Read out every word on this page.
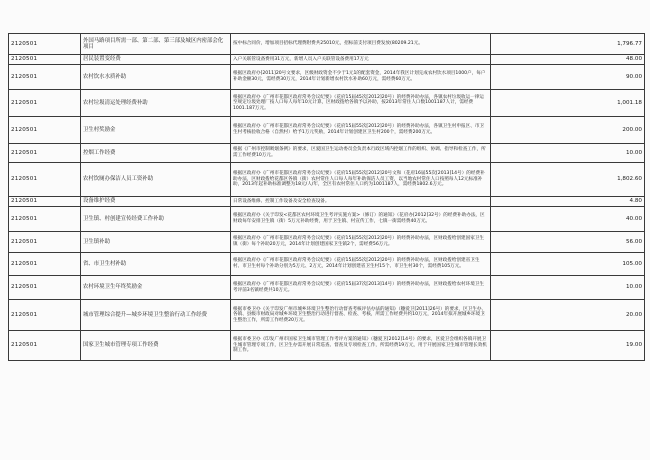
2120501	外国马路项目所需一部、第二部、第三部及城区内密部会化项目	按中标合同价，增加项目招标代理费附费共25010元，招标前支付项目费发放(80209.21元。	1,796.77
2120501	居民装置变经费	入户关联管设备费用31万元，新增人员入户关联管设备费用17万元	48.00
2120501	农村饮水水质补助	根据区政府办[2011]20号文要求，区级财政资金不少于1元1的配套资金，2014年我区计划完成农村饮水项目1000户，每户补助金额30元，需经费30万元，2014年计划新增农村饮水补助60万元，需经费60万元。	90.00
2120501	农村垃圾清运处理经费补助	根据区政府办《广州市花都区政府常务会议纪要》（花府15届45次[2012]20号）的经费补助办法，各镇农村垃圾收运一律运至规定垃圾处理厂按人口每人每年10元计算，区财政拨给各镇予以补助，按2013年常住人口数1001187人计，需经费1001.187万元。	1,001.18
2120501	卫生村奖励金	根据区政府办《广州市花都区政府常务会议纪要》（花府15届55次[2012]20号）的经费补助办法，各镇卫生村申报区、市卫生村考核验收合格（自然村）给予1万元奖励，2014年计划创建区卫生村200个，需经费200万元。	200.00
2120501	控烟工作经费	根据《广州市控制吸烟条例》的要求，区爱国卫生运动委员会负责本行政区域内控烟工作的组织、协调、指导和检查工作，所需工作经费10万元。	10.00
2120501	农村饮厕办保洁人员工资补助	根据区政府办《广州市花都区政府常务会议纪要》（花府15届55次[2012]20号文和（花府16届55次[2013]14号）的经费补助办法，区财政拨给花都区各镇（街）农村常住人口每人每年补助保洁人员工资，以当地农村常住人口按照每人12元标准补助，2013年起补助标准调整为18元/人/年，全区有农村常住人口约为1001187人，需经费1802.6万元。	1,802.60
2120501	设备维护经费	日常设备维修、控制工作设备及安全检查设备。	4.80
2120501	卫生镇、村创建宣传经费工作补助	根据区政府办《关于印发<花都区农村环境卫生考评实施方案>（修订）的通知》（花府办[2012]32号）的经费补助办法，区财政每年安排卫生镇（街）5万元补助经费，用于卫生镇、村宣传工作，七镇一街需经费40万元。	40.00
2120501	卫生镇补助	根据区政府办《广州市花都区政府常务会议纪要》（花府15届55次[2012]20号）的经费补助办法，区财政拨给创建国家卫生镇（街）每个补助20万元，2014年计划创建国家卫生镇2个，需经费56万元。	56.00
2120501	省、市卫生村补助	根据区政府办《广州市花都区政府常务会议纪要》（花府15届55次[2012]20号）的经费补助办法，区财政拨给创建省卫生村、市卫生村每个补助分别为5万元、2万元，2014年计划创建省卫生村15个、市卫生村30个，需经费105万元。	105.00
2120501	农村环境卫生年终奖励金	根据区政府办《广州市花都区政府常务会议纪要》（花府15届37次[2013]14号）的经费补助办法，区财政拨给农村环境卫生考评前3名镇经费共10万元。	10.00
2120501	城市管理综合提升—城乡环境卫生整治行动工作经费	根据市委卫办《关于印发广州市城乡环境卫生整治行动督查考核评估办法的通知》（穗爱卫[2011]26号）的要求，区卫生办、各镇、县级市财政局对城乡环境卫生整治行动进行督查、检查、考核，所需工作经费共约10万元，2014年拟开展城乡环境卫生整治工作，所需工作经费20万元。	20.00
2120501	国家卫生城市管理专项工作经费	根据市委卫办《印发广州市国家卫生城市管理工作考评方案的通知》（穗爱卫[2012]14号）的要求，区爱卫会组织各镇开展卫生城市管理专项工作，区卫生办需开展日常巡查、督查及专项检查工作，所需经费19万元，用于开展国家卫生城市管理长效机制工作。	19.00
